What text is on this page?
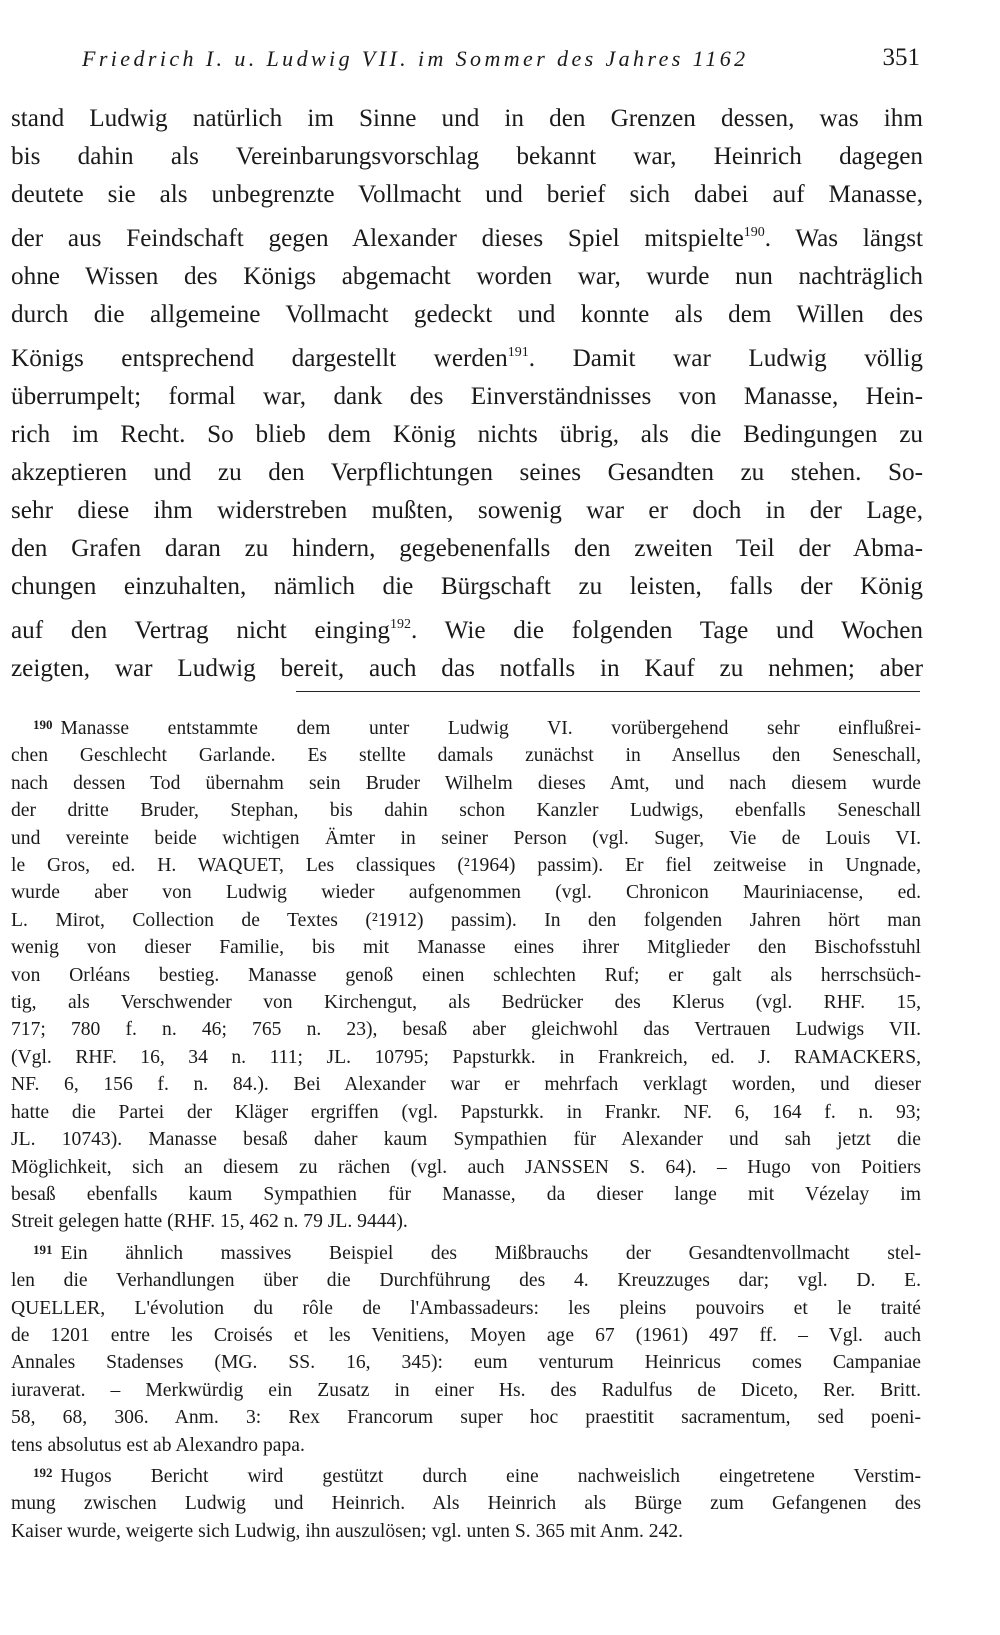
Friedrich I. u. Ludwig VII. im Sommer des Jahres 1162	351
stand Ludwig natürlich im Sinne und in den Grenzen dessen, was ihm
bis dahin als Vereinbarungsvorschlag bekannt war, Heinrich dagegen
deutete sie als unbegrenzte Vollmacht und berief sich dabei auf Manasse,
der aus Feindschaft gegen Alexander dieses Spiel mitspielte$^{190}$. Was längst
ohne Wissen des Königs abgemacht worden war, wurde nun nachträglich
durch die allgemeine Vollmacht gedeckt und konnte als dem Willen des
Königs entsprechend dargestellt werden$^{191}$. Damit war Ludwig völlig
überrumpelt; formal war, dank des Einverständnisses von Manasse, Hein-
rich im Recht. So blieb dem König nichts übrig, als die Bedingungen zu
akzeptieren und zu den Verpflichtungen seines Gesandten zu stehen. So-
sehr diese ihm widerstreben mußten, sowenig war er doch in der Lage,
den Grafen daran zu hindern, gegebenenfalls den zweiten Teil der Abma-
chungen einzuhalten, nämlich die Bürgschaft zu leisten, falls der König
auf den Vertrag nicht einging$^{192}$. Wie die folgenden Tage und Wochen
zeigten, war Ludwig bereit, auch das notfalls in Kauf zu nehmen; aber
$^{190}$ Manasse entstammte dem unter Ludwig VI. vorübergehend sehr einflußrei-
chen Geschlecht Garlande. Es stellte damals zunächst in Ansellus den Seneschall,
nach dessen Tod übernahm sein Bruder Wilhelm dieses Amt, und nach diesem wurde
der dritte Bruder, Stephan, bis dahin schon Kanzler Ludwigs, ebenfalls Seneschall
und vereinte beide wichtigen Ämter in seiner Person (vgl. Suger, Vie de Louis VI.
le Gros, ed. H. WAQUET, Les classiques (²1964) passim). Er fiel zeitweise in Ungnade,
wurde aber von Ludwig wieder aufgenommen (vgl. Chronicon Mauriniacense, ed.
L. Mirot, Collection de Textes (²1912) passim). In den folgenden Jahren hört man
wenig von dieser Familie, bis mit Manasse eines ihrer Mitglieder den Bischofsstuhl
von Orléans bestieg. Manasse genoß einen schlechten Ruf; er galt als herrschsüch-
tig, als Verschwender von Kirchengut, als Bedrücker des Klerus (vgl. RHF. 15,
717; 780 f. n. 46; 765 n. 23), besaß aber gleichwohl das Vertrauen Ludwigs VII.
(Vgl. RHF. 16, 34 n. 111; JL. 10795; Papsturkk. in Frankreich, ed. J. RAMACKERS,
NF. 6, 156 f. n. 84.). Bei Alexander war er mehrfach verklagt worden, und dieser
hatte die Partei der Kläger ergriffen (vgl. Papsturkk. in Frankr. NF. 6, 164 f. n. 93;
JL. 10743). Manasse besaß daher kaum Sympathien für Alexander und sah jetzt die
Möglichkeit, sich an diesem zu rächen (vgl. auch JANSSEN S. 64). – Hugo von Poitiers
besaß ebenfalls kaum Sympathien für Manasse, da dieser lange mit Vézelay im
Streit gelegen hatte (RHF. 15, 462 n. 79 JL. 9444).
$^{191}$ Ein ähnlich massives Beispiel des Mißbrauchs der Gesandtenvollmacht stel-
len die Verhandlungen über die Durchführung des 4. Kreuzzuges dar; vgl. D. E.
QUELLER, L'évolution du rôle de l'Ambassadeurs: les pleins pouvoirs et le traité
de 1201 entre les Croisés et les Venitiens, Moyen age 67 (1961) 497 ff. – Vgl. auch
Annales Stadenses (MG. SS. 16, 345): eum venturum Heinricus comes Campaniae
iuraverat. – Merkwürdig ein Zusatz in einer Hs. des Radulfus de Diceto, Rer. Britt.
58, 68, 306. Anm. 3: Rex Francorum super hoc praestitit sacramentum, sed poeni-
tens absolutus est ab Alexandro papa.
$^{192}$ Hugos Bericht wird gestützt durch eine nachweislich eingetretene Verstim-
mung zwischen Ludwig und Heinrich. Als Heinrich als Bürge zum Gefangenen des
Kaiser wurde, weigerte sich Ludwig, ihn auszulösen; vgl. unten S. 365 mit Anm. 242.
